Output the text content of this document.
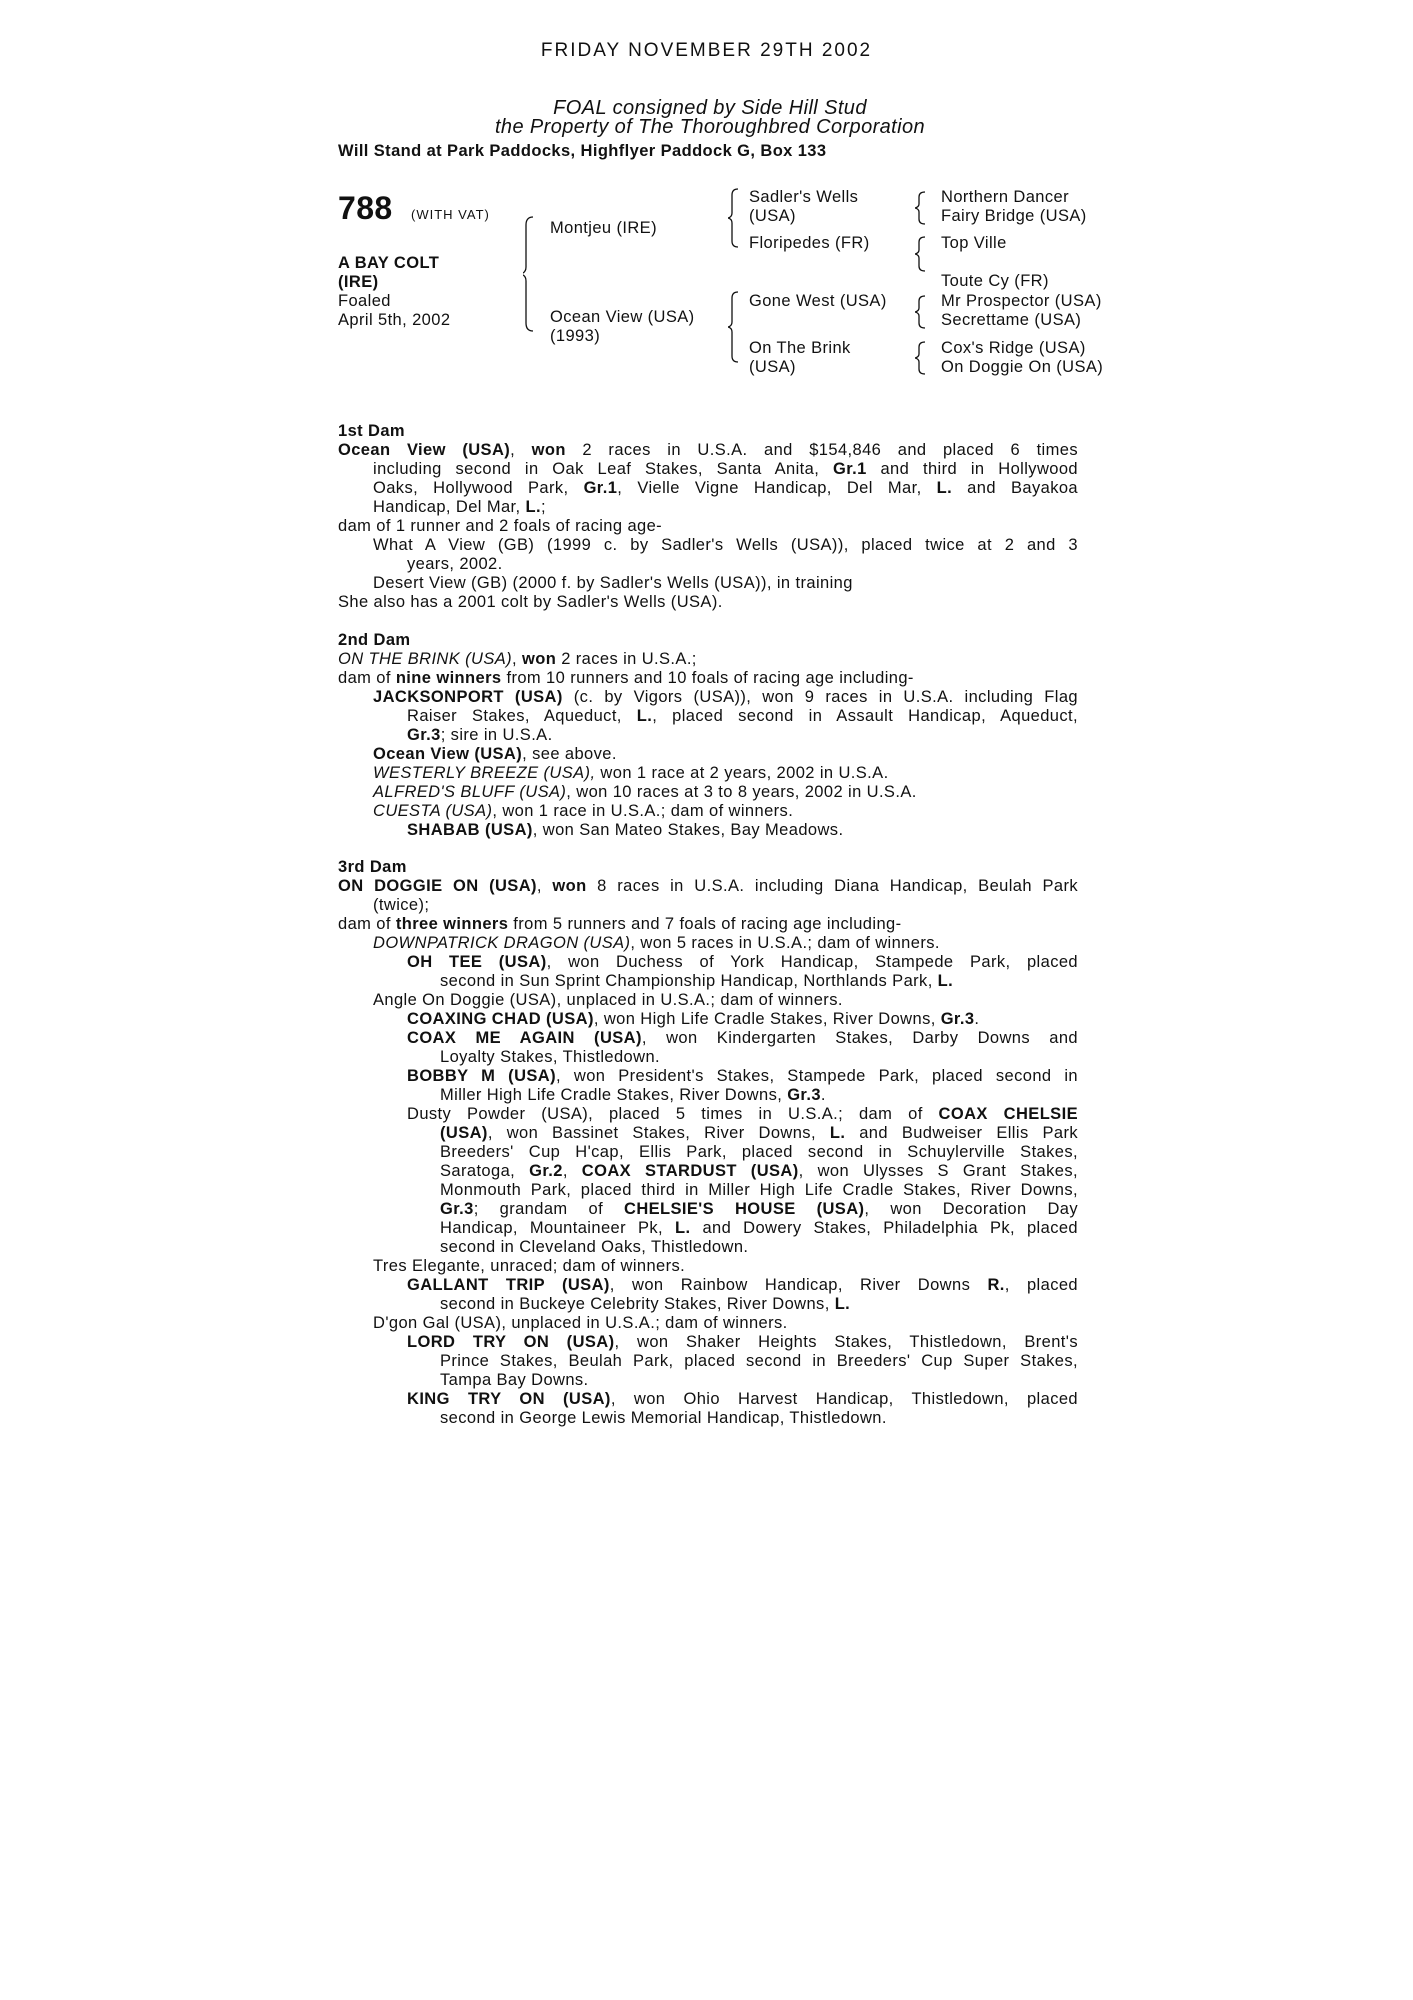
FRIDAY NOVEMBER 29TH 2002
FOAL consigned by Side Hill Stud
the Property of The Thoroughbred Corporation
Will Stand at Park Paddocks, Highflyer Paddock G, Box 133
788 (WITH VAT)
A BAY COLT
(IRE)
Foaled
April 5th, 2002
Montjeu (IRE)
Ocean View (USA)
(1993)
Sadler's Wells
(USA)
Floripedes (FR)
Gone West (USA)
On The Brink
(USA)
Northern Dancer
Fairy Bridge (USA)
Top Ville
Toute Cy (FR)
Mr Prospector (USA)
Secrettame (USA)
Cox's Ridge (USA)
On Doggie On (USA)
1st Dam
Ocean View (USA), won 2 races in U.S.A. and $154,846 and placed 6 times
including second in Oak Leaf Stakes, Santa Anita, Gr.1 and third in Hollywood
Oaks, Hollywood Park, Gr.1, Vielle Vigne Handicap, Del Mar, L. and Bayakoa
Handicap, Del Mar, L.;
dam of 1 runner and 2 foals of racing age-
What A View (GB) (1999 c. by Sadler's Wells (USA)), placed twice at 2 and 3
years, 2002.
Desert View (GB) (2000 f. by Sadler's Wells (USA)), in training
She also has a 2001 colt by Sadler's Wells (USA).
2nd Dam
ON THE BRINK (USA), won 2 races in U.S.A.;
dam of nine winners from 10 runners and 10 foals of racing age including-
JACKSONPORT (USA) (c. by Vigors (USA)), won 9 races in U.S.A. including Flag
Raiser Stakes, Aqueduct, L., placed second in Assault Handicap, Aqueduct,
Gr.3; sire in U.S.A.
Ocean View (USA), see above.
WESTERLY BREEZE (USA), won 1 race at 2 years, 2002 in U.S.A.
ALFRED'S BLUFF (USA), won 10 races at 3 to 8 years, 2002 in U.S.A.
CUESTA (USA), won 1 race in U.S.A.; dam of winners.
SHABAB (USA), won San Mateo Stakes, Bay Meadows.
3rd Dam
ON DOGGIE ON (USA), won 8 races in U.S.A. including Diana Handicap, Beulah Park
(twice);
dam of three winners from 5 runners and 7 foals of racing age including-
DOWNPATRICK DRAGON (USA), won 5 races in U.S.A.; dam of winners.
OH TEE (USA), won Duchess of York Handicap, Stampede Park, placed
second in Sun Sprint Championship Handicap, Northlands Park, L.
Angle On Doggie (USA), unplaced in U.S.A.; dam of winners.
COAXING CHAD (USA), won High Life Cradle Stakes, River Downs, Gr.3.
COAX ME AGAIN (USA), won Kindergarten Stakes, Darby Downs and
Loyalty Stakes, Thistledown.
BOBBY M (USA), won President's Stakes, Stampede Park, placed second in
Miller High Life Cradle Stakes, River Downs, Gr.3.
Dusty Powder (USA), placed 5 times in U.S.A.; dam of COAX CHELSIE
(USA), won Bassinet Stakes, River Downs, L. and Budweiser Ellis Park
Breeders' Cup H'cap, Ellis Park, placed second in Schuylerville Stakes,
Saratoga, Gr.2, COAX STARDUST (USA), won Ulysses S Grant Stakes,
Monmouth Park, placed third in Miller High Life Cradle Stakes, River Downs,
Gr.3; grandam of CHELSIE'S HOUSE (USA), won Decoration Day
Handicap, Mountaineer Pk, L. and Dowery Stakes, Philadelphia Pk, placed
second in Cleveland Oaks, Thistledown.
Tres Elegante, unraced; dam of winners.
GALLANT TRIP (USA), won Rainbow Handicap, River Downs R., placed
second in Buckeye Celebrity Stakes, River Downs, L.
D'gon Gal (USA), unplaced in U.S.A.; dam of winners.
LORD TRY ON (USA), won Shaker Heights Stakes, Thistledown, Brent's
Prince Stakes, Beulah Park, placed second in Breeders' Cup Super Stakes,
Tampa Bay Downs.
KING TRY ON (USA), won Ohio Harvest Handicap, Thistledown, placed
second in George Lewis Memorial Handicap, Thistledown.
